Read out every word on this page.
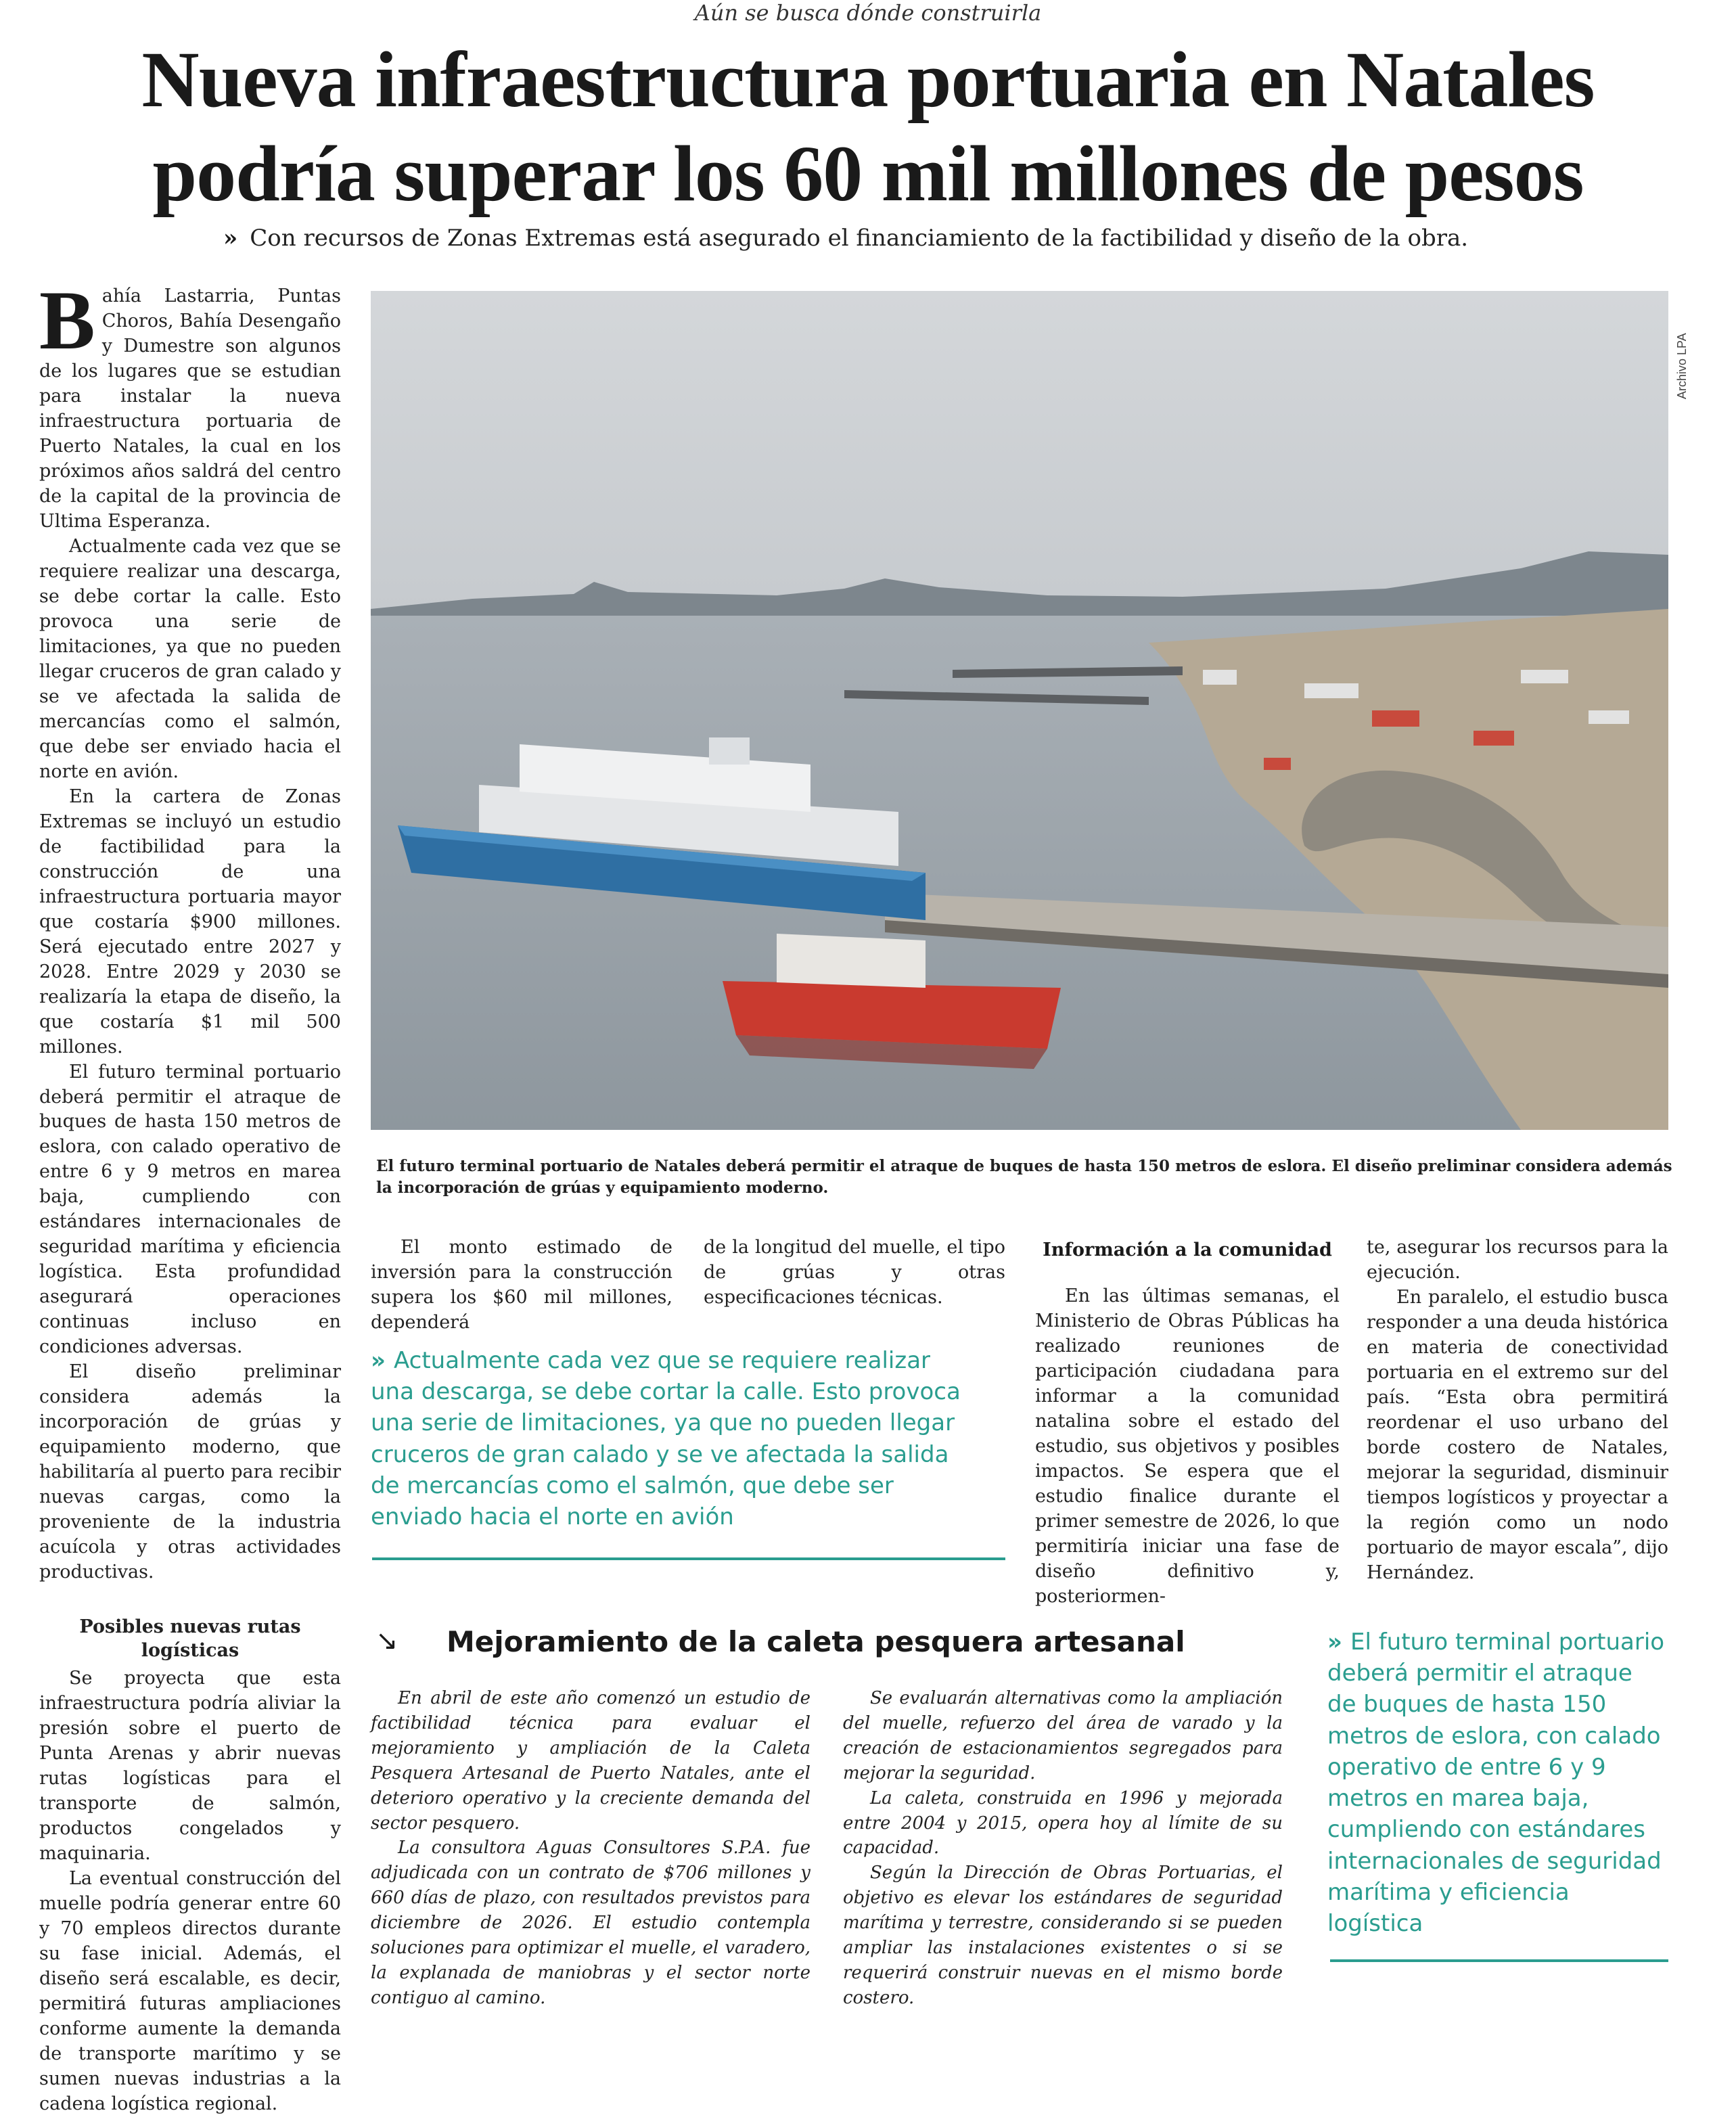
Aún se busca dónde construirla
Nueva infraestructura portuaria en Natales
podría superar los 60 mil millones de pesos
» Con recursos de Zonas Extremas está asegurado el financiamiento de la factibilidad y diseño de la obra.

Bahía Lastarria, Puntas Choros, Bahía Desengaño y Dumestre son algunos de los lugares que se estudian para instalar la nueva infraestructura portuaria de Puerto Natales, la cual en los próximos años saldrá del centro de la capital de la provincia de Ultima Esperanza.

Actualmente cada vez que se requiere realizar una descarga, se debe cortar la calle. Esto provoca una serie de limitaciones, ya que no pueden llegar cruceros de gran calado y se ve afectada la salida de mercancías como el salmón, que debe ser enviado hacia el norte en avión.

En la cartera de Zonas Extremas se incluyó un estudio de factibilidad para la construcción de una infraestructura portuaria mayor que costaría $900 millones. Será ejecutado entre 2027 y 2028. Entre 2029 y 2030 se realizaría la etapa de diseño, la que costaría $1 mil 500 millones.

El futuro terminal portuario deberá permitir el atraque de buques de hasta 150 metros de eslora, con calado operativo de entre 6 y 9 metros en marea baja, cumpliendo con estándares internacionales de seguridad marítima y eficiencia logística. Esta profundidad asegurará operaciones continuas incluso en condiciones adversas.

El diseño preliminar considera además la incorporación de grúas y equipamiento moderno, que habilitaría al puerto para recibir nuevas cargas, como la proveniente de la industria acuícola y otras actividades productivas.

Posibles nuevas rutas logísticas

Se proyecta que esta infraestructura podría aliviar la presión sobre el puerto de Punta Arenas y abrir nuevas rutas logísticas para el transporte de salmón, productos congelados y maquinaria.

La eventual construcción del muelle podría generar entre 60 y 70 empleos directos durante su fase inicial. Además, el diseño será escalable, es decir, permitirá futuras ampliaciones conforme aumente la demanda de transporte marítimo y se sumen nuevas industrias a la cadena logística regional.

Archivo LPA
El futuro terminal portuario de Natales deberá permitir el atraque de buques de hasta 150 metros de eslora. El diseño preliminar considera además la incorporación de grúas y equipamiento moderno.

El monto estimado de inversión para la construcción supera los $60 mil millones, dependerá

de la longitud del muelle, el tipo de grúas y otras especificaciones técnicas.

» Actualmente cada vez que se requiere realizar una descarga, se debe cortar la calle. Esto provoca una serie de limitaciones, ya que no pueden llegar cruceros de gran calado y se ve afectada la salida de mercancías como el salmón, que debe ser enviado hacia el norte en avión
Información a la comunidad

En las últimas semanas, el Ministerio de Obras Públicas ha realizado reuniones de participación ciudadana para informar a la comunidad natalina sobre el estado del estudio, sus objetivos y posibles impactos. Se espera que el estudio finalice durante el primer semestre de 2026, lo que permitiría iniciar una fase de diseño definitivo y, posteriormen-

te, asegurar los recursos para la ejecución.

En paralelo, el estudio busca responder a una deuda histórica en materia de conectividad portuaria en el extremo sur del país. “Esta obra permitirá reordenar el uso urbano del borde costero de Natales, mejorar la seguridad, disminuir tiempos logísticos y proyectar a la región como un nodo portuario de mayor escala”, dijo Hernández.

↘ Mejoramiento de la caleta pesquera artesanal

En abril de este año comenzó un estudio de factibilidad técnica para evaluar el mejoramiento y ampliación de la Caleta Pesquera Artesanal de Puerto Natales, ante el deterioro operativo y la creciente demanda del sector pesquero.

La consultora Aguas Consultores S.P.A. fue adjudicada con un contrato de $706 millones y 660 días de plazo, con resultados previstos para diciembre de 2026. El estudio contempla soluciones para optimizar el muelle, el varadero, la explanada de maniobras y el sector norte contiguo al camino.

Se evaluarán alternativas como la ampliación del muelle, refuerzo del área de varado y la creación de estacionamientos segregados para mejorar la seguridad.

La caleta, construida en 1996 y mejorada entre 2004 y 2015, opera hoy al límite de su capacidad.

Según la Dirección de Obras Portuarias, el objetivo es elevar los estándares de seguridad marítima y terrestre, considerando si se pueden ampliar las instalaciones existentes o si se requerirá construir nuevas en el mismo borde costero.

» El futuro terminal portuario deberá permitir el atraque de buques de hasta 150 metros de eslora, con calado operativo de entre 6 y 9 metros en marea baja, cumpliendo con estándares internacionales de seguridad marítima y eficiencia logística
